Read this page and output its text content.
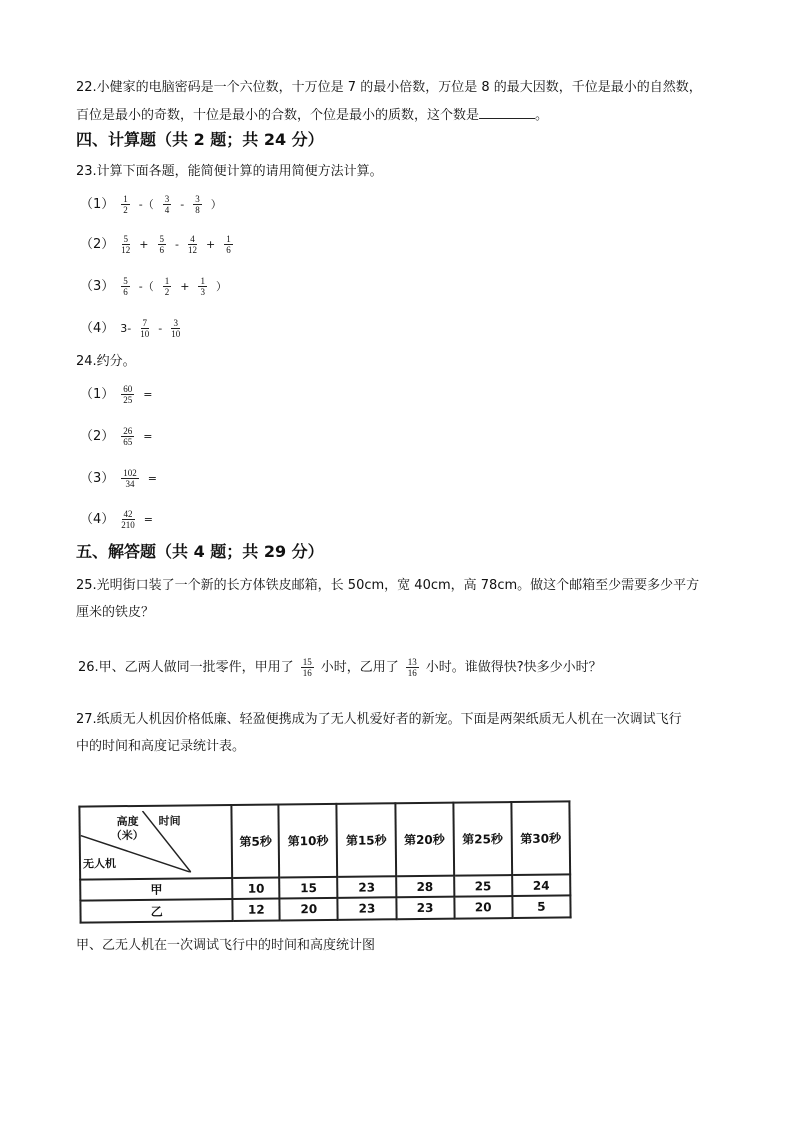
22.小健家的电脑密码是一个六位数，十万位是 7 的最小倍数，万位是 8 的最大因数，千位是最小的自然数，
百位是最小的奇数，十位是最小的合数，个位是最小的质数，这个数是	。
四、计算题（共 2 题；共 24 分）
23.计算下面各题，能简便计算的请用简便方法计算。
$(1) \frac{1}{2}$ -（ $\frac{3}{4} - \frac{3}{8}$ ）
$(2) \frac{5}{12} + \frac{5}{6} - \frac{4}{12} + \frac{1}{6}$
$(3) \frac{5}{6}$ -（ $\frac{1}{2} + \frac{1}{3}$ ）
（4） $3- \frac{7}{10} - \frac{3}{10}$
24.约分。
$(1) \frac{60}{25}$ =
$(2) \frac{26}{65}$ =
$(3) \frac{102}{34}$ =
$(4) \frac{42}{210}$ =
五、解答题（共 4 题；共 29 分）
25.光明街口装了一个新的长方体铁皮邮箱，长 50cm，宽 40cm，高 78cm。做这个邮箱至少需要多少平方
厘米的铁皮？
26.甲、乙两人做同一批零件，甲用了 $\frac{15}{16}$ 小时，乙用了 $\frac{13}{16}$ 小时。谁做得快?快多少小时？
27.纸质无人机因价格低廉、轻盈便携成为了无人机爱好者的新宠。下面是两架纸质无人机在一次调试飞行
中的时间和高度记录统计表。
高度
（米）
时间
无人机	第5秒	第10秒	第15秒	第20秒	第25秒	第30秒
甲	10	15	23	28	25	24
乙	12	20	23	23	20	5
甲、乙无人机在一次调试飞行中的时间和高度统计图
